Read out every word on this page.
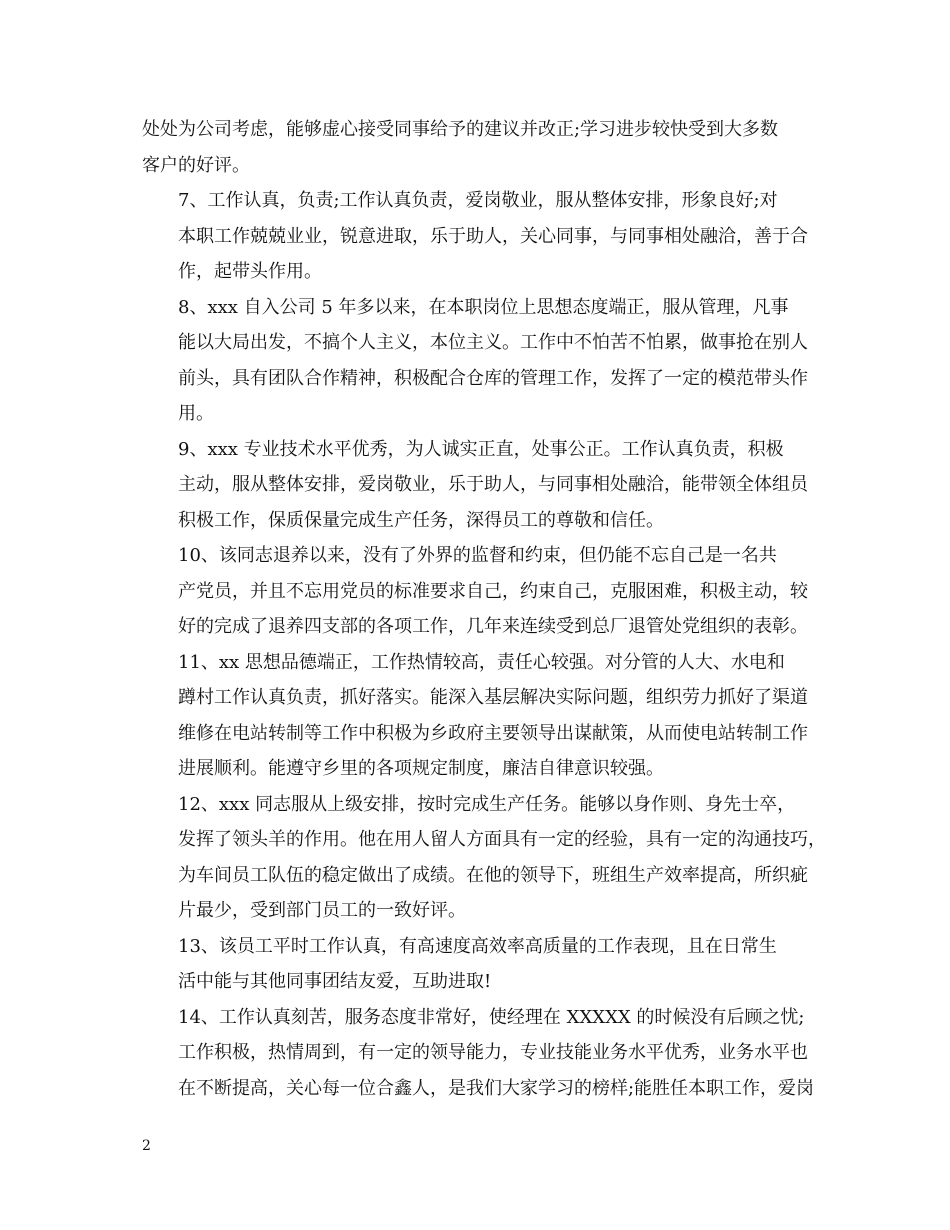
处处为公司考虑，能够虚心接受同事给予的建议并改正;学习进步较快受到大多数
客户的好评。

7、工作认真，负责;工作认真负责，爱岗敬业，服从整体安排，形象良好;对
本职工作兢兢业业，锐意进取，乐于助人，关心同事，与同事相处融洽，善于合
作，起带头作用。

8、xxx 自入公司 5 年多以来，在本职岗位上思想态度端正，服从管理，凡事
能以大局出发，不搞个人主义，本位主义。工作中不怕苦不怕累，做事抢在别人
前头，具有团队合作精神，积极配合仓库的管理工作，发挥了一定的模范带头作
用。

9、xxx 专业技术水平优秀，为人诚实正直，处事公正。工作认真负责，积极
主动，服从整体安排，爱岗敬业，乐于助人，与同事相处融洽，能带领全体组员
积极工作，保质保量完成生产任务，深得员工的尊敬和信任。

10、该同志退养以来，没有了外界的监督和约束，但仍能不忘自己是一名共
产党员，并且不忘用党员的标准要求自己，约束自己，克服困难，积极主动，较
好的完成了退养四支部的各项工作，几年来连续受到总厂退管处党组织的表彰。

11、xx 思想品德端正，工作热情较高，责任心较强。对分管的人大、水电和
蹲村工作认真负责，抓好落实。能深入基层解决实际问题，组织劳力抓好了渠道
维修在电站转制等工作中积极为乡政府主要领导出谋献策，从而使电站转制工作
进展顺利。能遵守乡里的各项规定制度，廉洁自律意识较强。

12、xxx 同志服从上级安排，按时完成生产任务。能够以身作则、身先士卒，
发挥了领头羊的作用。他在用人留人方面具有一定的经验，具有一定的沟通技巧，
为车间员工队伍的稳定做出了成绩。在他的领导下，班组生产效率提高，所织疵
片最少，受到部门员工的一致好评。

13、该员工平时工作认真，有高速度高效率高质量的工作表现，且在日常生
活中能与其他同事团结友爱，互助进取!

14、工作认真刻苦，服务态度非常好，使经理在 XXXXX 的时候没有后顾之忧;
工作积极，热情周到，有一定的领导能力，专业技能业务水平优秀，业务水平也
在不断提高，关心每一位合鑫人，是我们大家学习的榜样;能胜任本职工作，爱岗

2
